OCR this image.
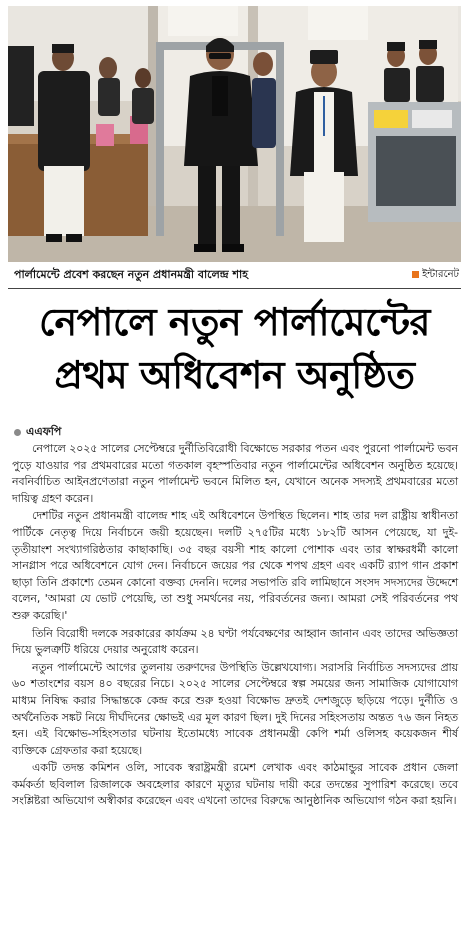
পার্লামেন্টে প্রবেশ করছেন নতুন প্রধানমন্ত্রী বালেন্দ্র শাহ	ইন্টারনেট
নেপালে নতুন পার্লামেন্টের
প্রথম অধিবেশন অনুষ্ঠিত
এএফপি

নেপালে ২০২৫ সালের সেপ্টেম্বরে দুর্নীতিবিরোধী বিক্ষোভে সরকার পতন এবং পুরনো পার্লামেন্ট ভবন পুড়ে যাওয়ার পর প্রথমবারের মতো গতকাল বৃহস্পতিবার নতুন পার্লামেন্টের অধিবেশন অনুষ্ঠিত হয়েছে। নবনির্বাচিত আইনপ্রণেতারা নতুন পার্লামেন্ট ভবনে মিলিত হন, যেখানে অনেক সদস্যই প্রথমবারের মতো দায়িত্ব গ্রহণ করেন।

দেশটির নতুন প্রধানমন্ত্রী বালেন্দ্র শাহ এই অধিবেশনে উপস্থিত ছিলেন। শাহ তার দল রাষ্ট্রীয় স্বাধীনতা পার্টিকে নেতৃত্ব দিয়ে নির্বাচনে জয়ী হয়েছেন। দলটি ২৭৫টির মধ্যে ১৮২টি আসন পেয়েছে, যা দুই-তৃতীয়াংশ সংখ্যাগরিষ্ঠতার কাছাকাছি। ৩৫ বছর বয়সী শাহ কালো পোশাক এবং তার স্বাক্ষরধর্মী কালো সানগ্লাস পরে অধিবেশনে যোগ দেন। নির্বাচনে জয়ের পর থেকে শপথ গ্রহণ এবং একটি র‍্যাপ গান প্রকাশ ছাড়া তিনি প্রকাশ্যে তেমন কোনো বক্তব্য দেননি। দলের সভাপতি রবি লামিছানে সংসদ সদস্যদের উদ্দেশে বলেন, 'আমরা যে ভোট পেয়েছি, তা শুধু সমর্থনের নয়, পরিবর্তনের জন্য। আমরা সেই পরিবর্তনের পথ শুরু করেছি।'

তিনি বিরোধী দলকে সরকারের কার্যক্রম ২৪ ঘণ্টা পর্যবেক্ষণের আহ্বান জানান এবং তাদের অভিজ্ঞতা দিয়ে ভুলত্রুটি ধরিয়ে দেয়ার অনুরোধ করেন।

নতুন পার্লামেন্টে আগের তুলনায় তরুণদের উপস্থিতি উল্লেখযোগ্য। সরাসরি নির্বাচিত সদস্যদের প্রায় ৬০ শতাংশের বয়স ৪০ বছরের নিচে। ২০২৫ সালের সেপ্টেম্বরে স্বল্প সময়ের জন্য সামাজিক যোগাযোগ মাধ্যম নিষিদ্ধ করার সিদ্ধান্তকে কেন্দ্র করে শুরু হওয়া বিক্ষোভ দ্রুতই দেশজুড়ে ছড়িয়ে পড়ে। দুর্নীতি ও অর্থনৈতিক সঙ্কট নিয়ে দীর্ঘদিনের ক্ষোভই এর মূল কারণ ছিল। দুই দিনের সহিংসতায় অন্তত ৭৬ জন নিহত হন। এই বিক্ষোভ-সহিংসতার ঘটনায় ইতোমধ্যে সাবেক প্রধানমন্ত্রী কেপি শর্মা ওলিসহ কয়েকজন শীর্ষ ব্যক্তিকে গ্রেফতার করা হয়েছে।

একটি তদন্ত কমিশন ওলি, সাবেক স্বরাষ্ট্রমন্ত্রী রমেশ লেখাক এবং কাঠমান্ডুর সাবেক প্রধান জেলা কর্মকর্তা ছবিলাল রিজালকে অবহেলার কারণে মৃত্যুর ঘটনায় দায়ী করে তদন্তের সুপারিশ করেছে। তবে সংশ্লিষ্টরা অভিযোগ অস্বীকার করেছেন এবং এখনো তাদের বিরুদ্ধে আনুষ্ঠানিক অভিযোগ গঠন করা হয়নি।
